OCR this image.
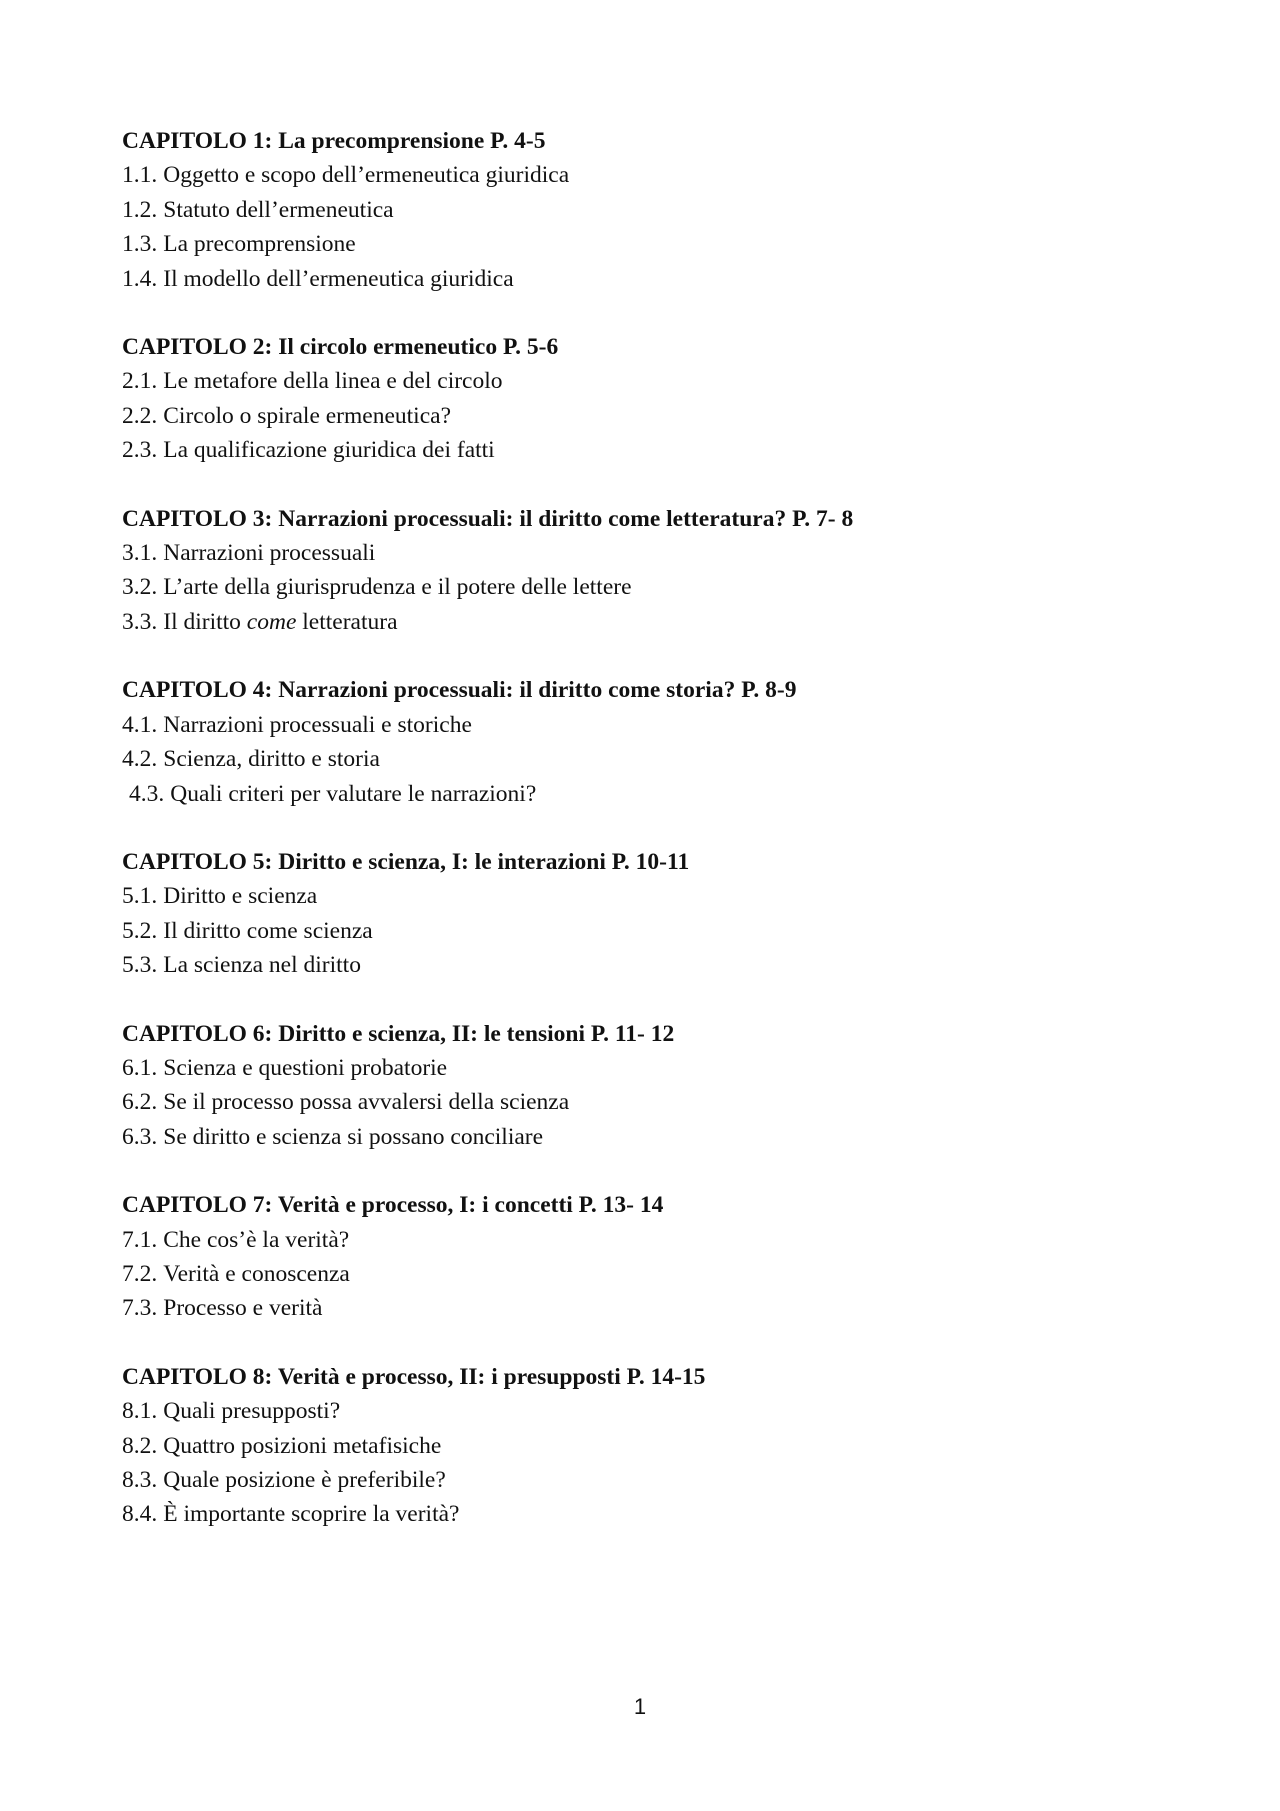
CAPITOLO 1: La precomprensione P. 4-5
1.1. Oggetto e scopo dell’ermeneutica giuridica
1.2. Statuto dell’ermeneutica
1.3. La precomprensione
1.4. Il modello dell’ermeneutica giuridica
CAPITOLO 2: Il circolo ermeneutico P. 5-6
2.1. Le metafore della linea e del circolo
2.2. Circolo o spirale ermeneutica?
2.3. La qualificazione giuridica dei fatti
CAPITOLO 3: Narrazioni processuali: il diritto come letteratura? P. 7- 8
3.1. Narrazioni processuali
3.2. L’arte della giurisprudenza e il potere delle lettere
3.3. Il diritto come letteratura
CAPITOLO 4: Narrazioni processuali: il diritto come storia? P. 8-9
4.1. Narrazioni processuali e storiche
4.2. Scienza, diritto e storia
4.3. Quali criteri per valutare le narrazioni?
CAPITOLO 5: Diritto e scienza, I: le interazioni P. 10-11
5.1. Diritto e scienza
5.2. Il diritto come scienza
5.3. La scienza nel diritto
CAPITOLO 6: Diritto e scienza, II: le tensioni P. 11- 12
6.1. Scienza e questioni probatorie
6.2. Se il processo possa avvalersi della scienza
6.3. Se diritto e scienza si possano conciliare
CAPITOLO 7: Verità e processo, I: i concetti P. 13- 14
7.1. Che cos’è la verità?
7.2. Verità e conoscenza
7.3. Processo e verità
CAPITOLO 8: Verità e processo, II: i presupposti P. 14-15
8.1. Quali presupposti?
8.2. Quattro posizioni metafisiche
8.3. Quale posizione è preferibile?
8.4. È importante scoprire la verità?
1
